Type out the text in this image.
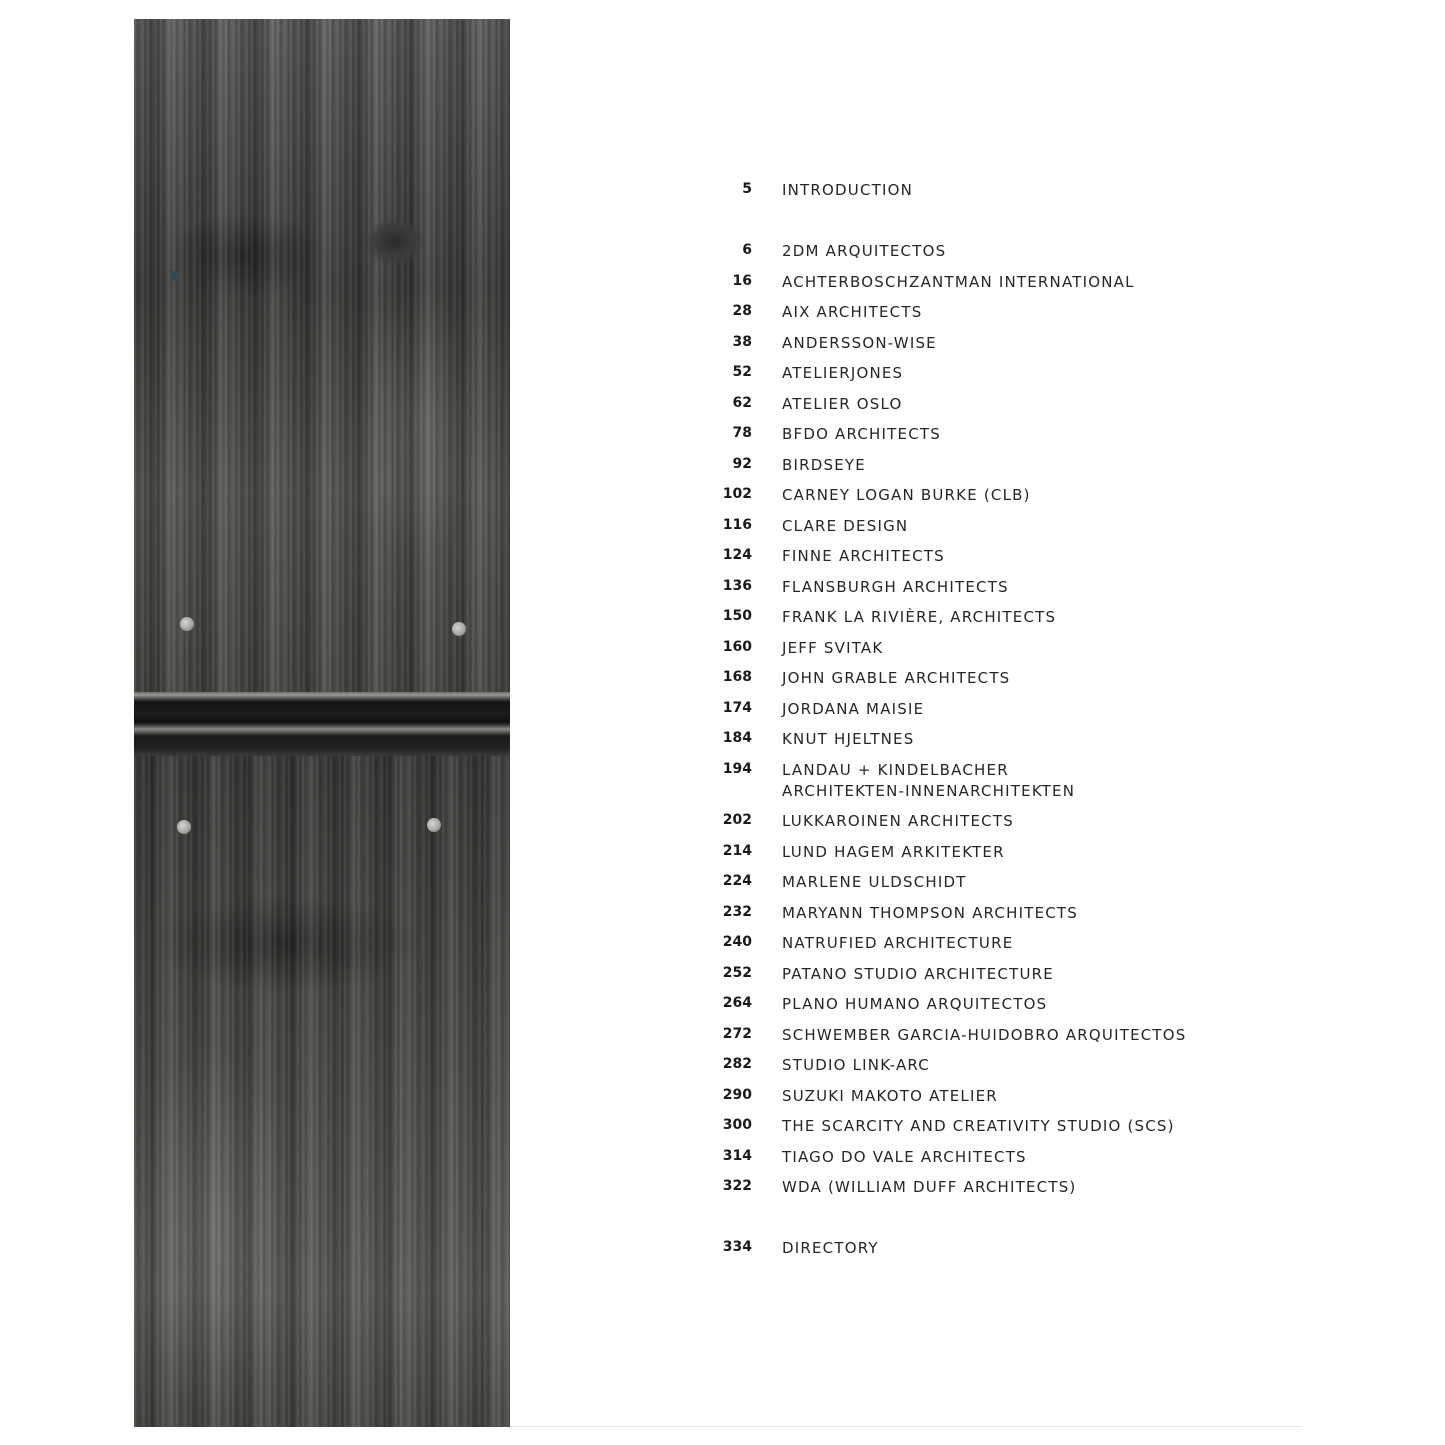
5 INTRODUCTION
6 2DM ARQUITECTOS
16 ACHTERBOSCHZANTMAN INTERNATIONAL
28 AIX ARCHITECTS
38 ANDERSSON-WISE
52 ATELIERJONES
62 ATELIER OSLO
78 BFDO ARCHITECTS
92 BIRDSEYE
102 CARNEY LOGAN BURKE (CLB)
116 CLARE DESIGN
124 FINNE ARCHITECTS
136 FLANSBURGH ARCHITECTS
150 FRANK LA RIVIÈRE, ARCHITECTS
160 JEFF SVITAK
168 JOHN GRABLE ARCHITECTS
174 JORDANA MAISIE
184 KNUT HJELTNES
194 LANDAU + KINDELBACHER
ARCHITEKTEN-INNENARCHITEKTEN
202 LUKKAROINEN ARCHITECTS
214 LUND HAGEM ARKITEKTER
224 MARLENE ULDSCHIDT
232 MARYANN THOMPSON ARCHITECTS
240 NATRUFIED ARCHITECTURE
252 PATANO STUDIO ARCHITECTURE
264 PLANO HUMANO ARQUITECTOS
272 SCHWEMBER GARCIA-HUIDOBRO ARQUITECTOS
282 STUDIO LINK-ARC
290 SUZUKI MAKOTO ATELIER
300 THE SCARCITY AND CREATIVITY STUDIO (SCS)
314 TIAGO DO VALE ARCHITECTS
322 WDA (WILLIAM DUFF ARCHITECTS)
334 DIRECTORY
